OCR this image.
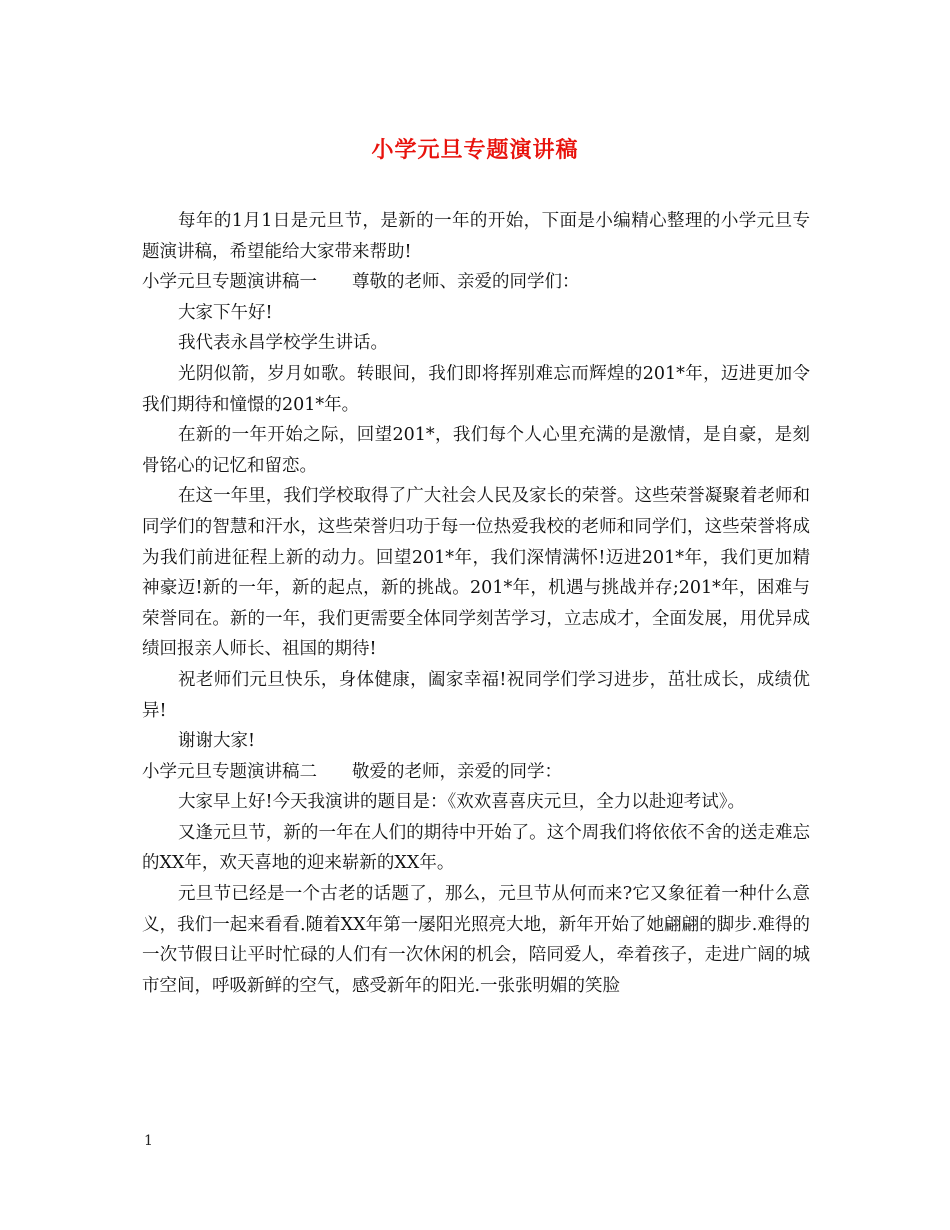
小学元旦专题演讲稿

每年的1月1日是元旦节，是新的一年的开始，下面是小编精心整理的小学元旦专题演讲稿，希望能给大家带来帮助!

小学元旦专题演讲稿一　　尊敬的老师、亲爱的同学们：

大家下午好!

我代表永昌学校学生讲话。

光阴似箭，岁月如歌。转眼间，我们即将挥别难忘而辉煌的201*年，迈进更加令我们期待和憧憬的201*年。

在新的一年开始之际，回望201*，我们每个人心里充满的是激情，是自豪，是刻骨铭心的记忆和留恋。

在这一年里，我们学校取得了广大社会人民及家长的荣誉。这些荣誉凝聚着老师和同学们的智慧和汗水，这些荣誉归功于每一位热爱我校的老师和同学们，这些荣誉将成为我们前进征程上新的动力。回望201*年，我们深情满怀!迈进201*年，我们更加精神豪迈!新的一年，新的起点，新的挑战。201*年，机遇与挑战并存;201*年，困难与荣誉同在。新的一年，我们更需要全体同学刻苦学习，立志成才，全面发展，用优异成绩回报亲人师长、祖国的期待!

祝老师们元旦快乐，身体健康，阖家幸福!祝同学们学习进步，茁壮成长，成绩优异!

谢谢大家!

小学元旦专题演讲稿二　　敬爱的老师，亲爱的同学：

大家早上好!今天我演讲的题目是：《欢欢喜喜庆元旦，全力以赴迎考试》。

又逢元旦节，新的一年在人们的期待中开始了。这个周我们将依依不舍的送走难忘的XX年，欢天喜地的迎来崭新的XX年。

元旦节已经是一个古老的话题了，那么，元旦节从何而来?它又象征着一种什么意义，我们一起来看看.随着XX年第一屡阳光照亮大地，新年开始了她翩翩的脚步.难得的一次节假日让平时忙碌的人们有一次休闲的机会，陪同爱人，牵着孩子，走进广阔的城市空间，呼吸新鲜的空气，感受新年的阳光.一张张明媚的笑脸

1
